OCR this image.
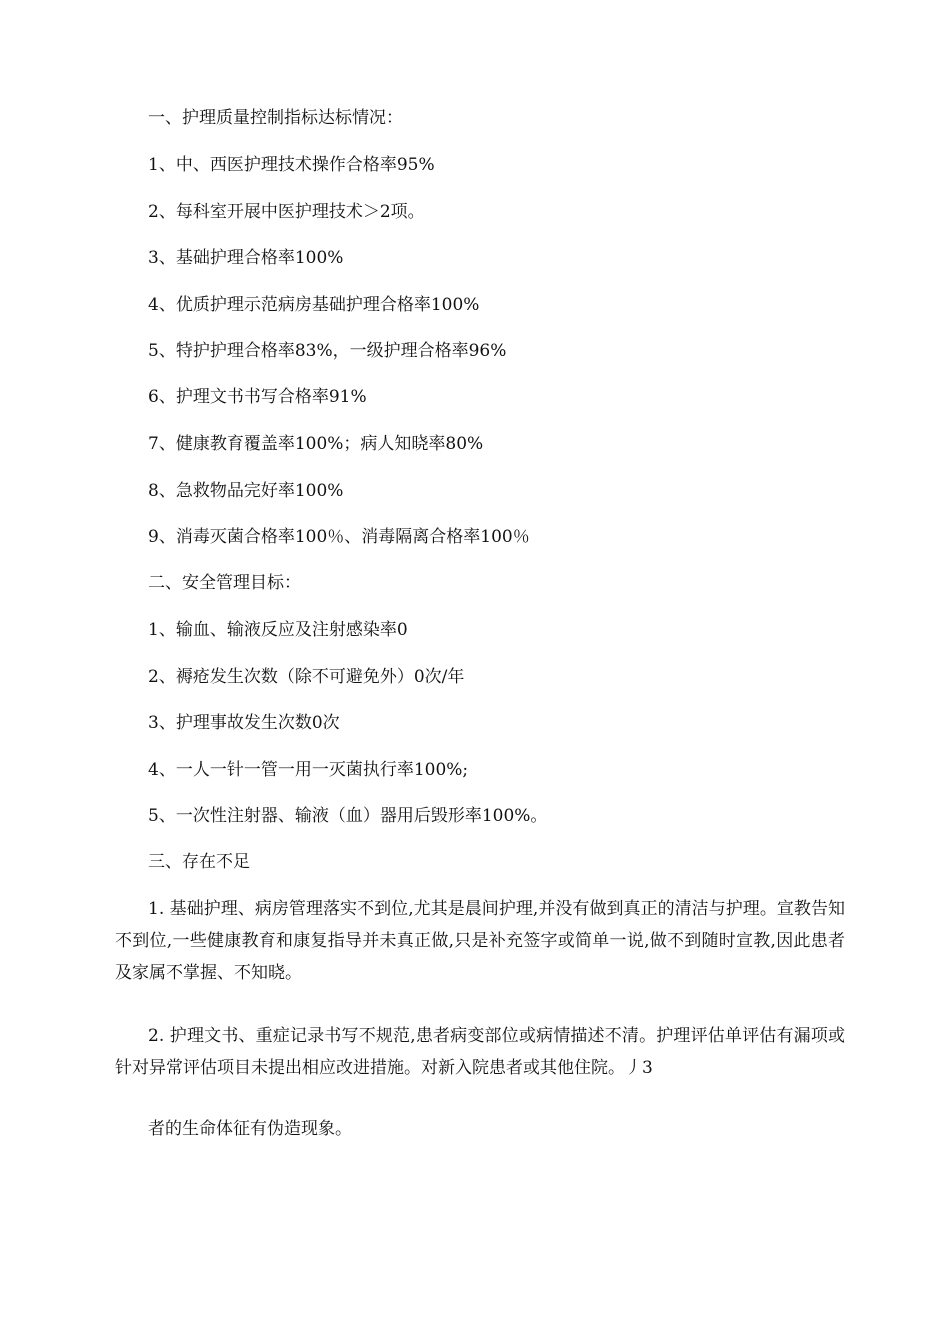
一、护理质量控制指标达标情况：

1、中、西医护理技术操作合格率95%

2、每科室开展中医护理技术＞2项。

3、基础护理合格率100%

4、优质护理示范病房基础护理合格率100%

5、特护护理合格率83%，一级护理合格率96%

6、护理文书书写合格率91%

7、健康教育覆盖率100%；病人知晓率80%

8、急救物品完好率100%

9、消毒灭菌合格率100％、消毒隔离合格率100％

二、安全管理目标：

1、输血、输液反应及注射感染率0

2、褥疮发生次数（除不可避免外）0次/年

3、护理事故发生次数0次

4、一人一针一管一用一灭菌执行率100%;

5、一次性注射器、输液（血）器用后毁形率100%。

三、存在不足

1. 基础护理、病房管理落实不到位,尤其是晨间护理,并没有做到真正的清洁与护理。宣教告知不到位,一些健康教育和康复指导并未真正做,只是补充签字或简单一说,做不到随时宣教,因此患者及家属不掌握、不知晓。

2. 护理文书、重症记录书写不规范,患者病变部位或病情描述不清。护理评估单评估有漏项或针对异常评估项目未提出相应改进措施。对新入院患者或其他住院。丿3

者的生命体征有伪造现象。
